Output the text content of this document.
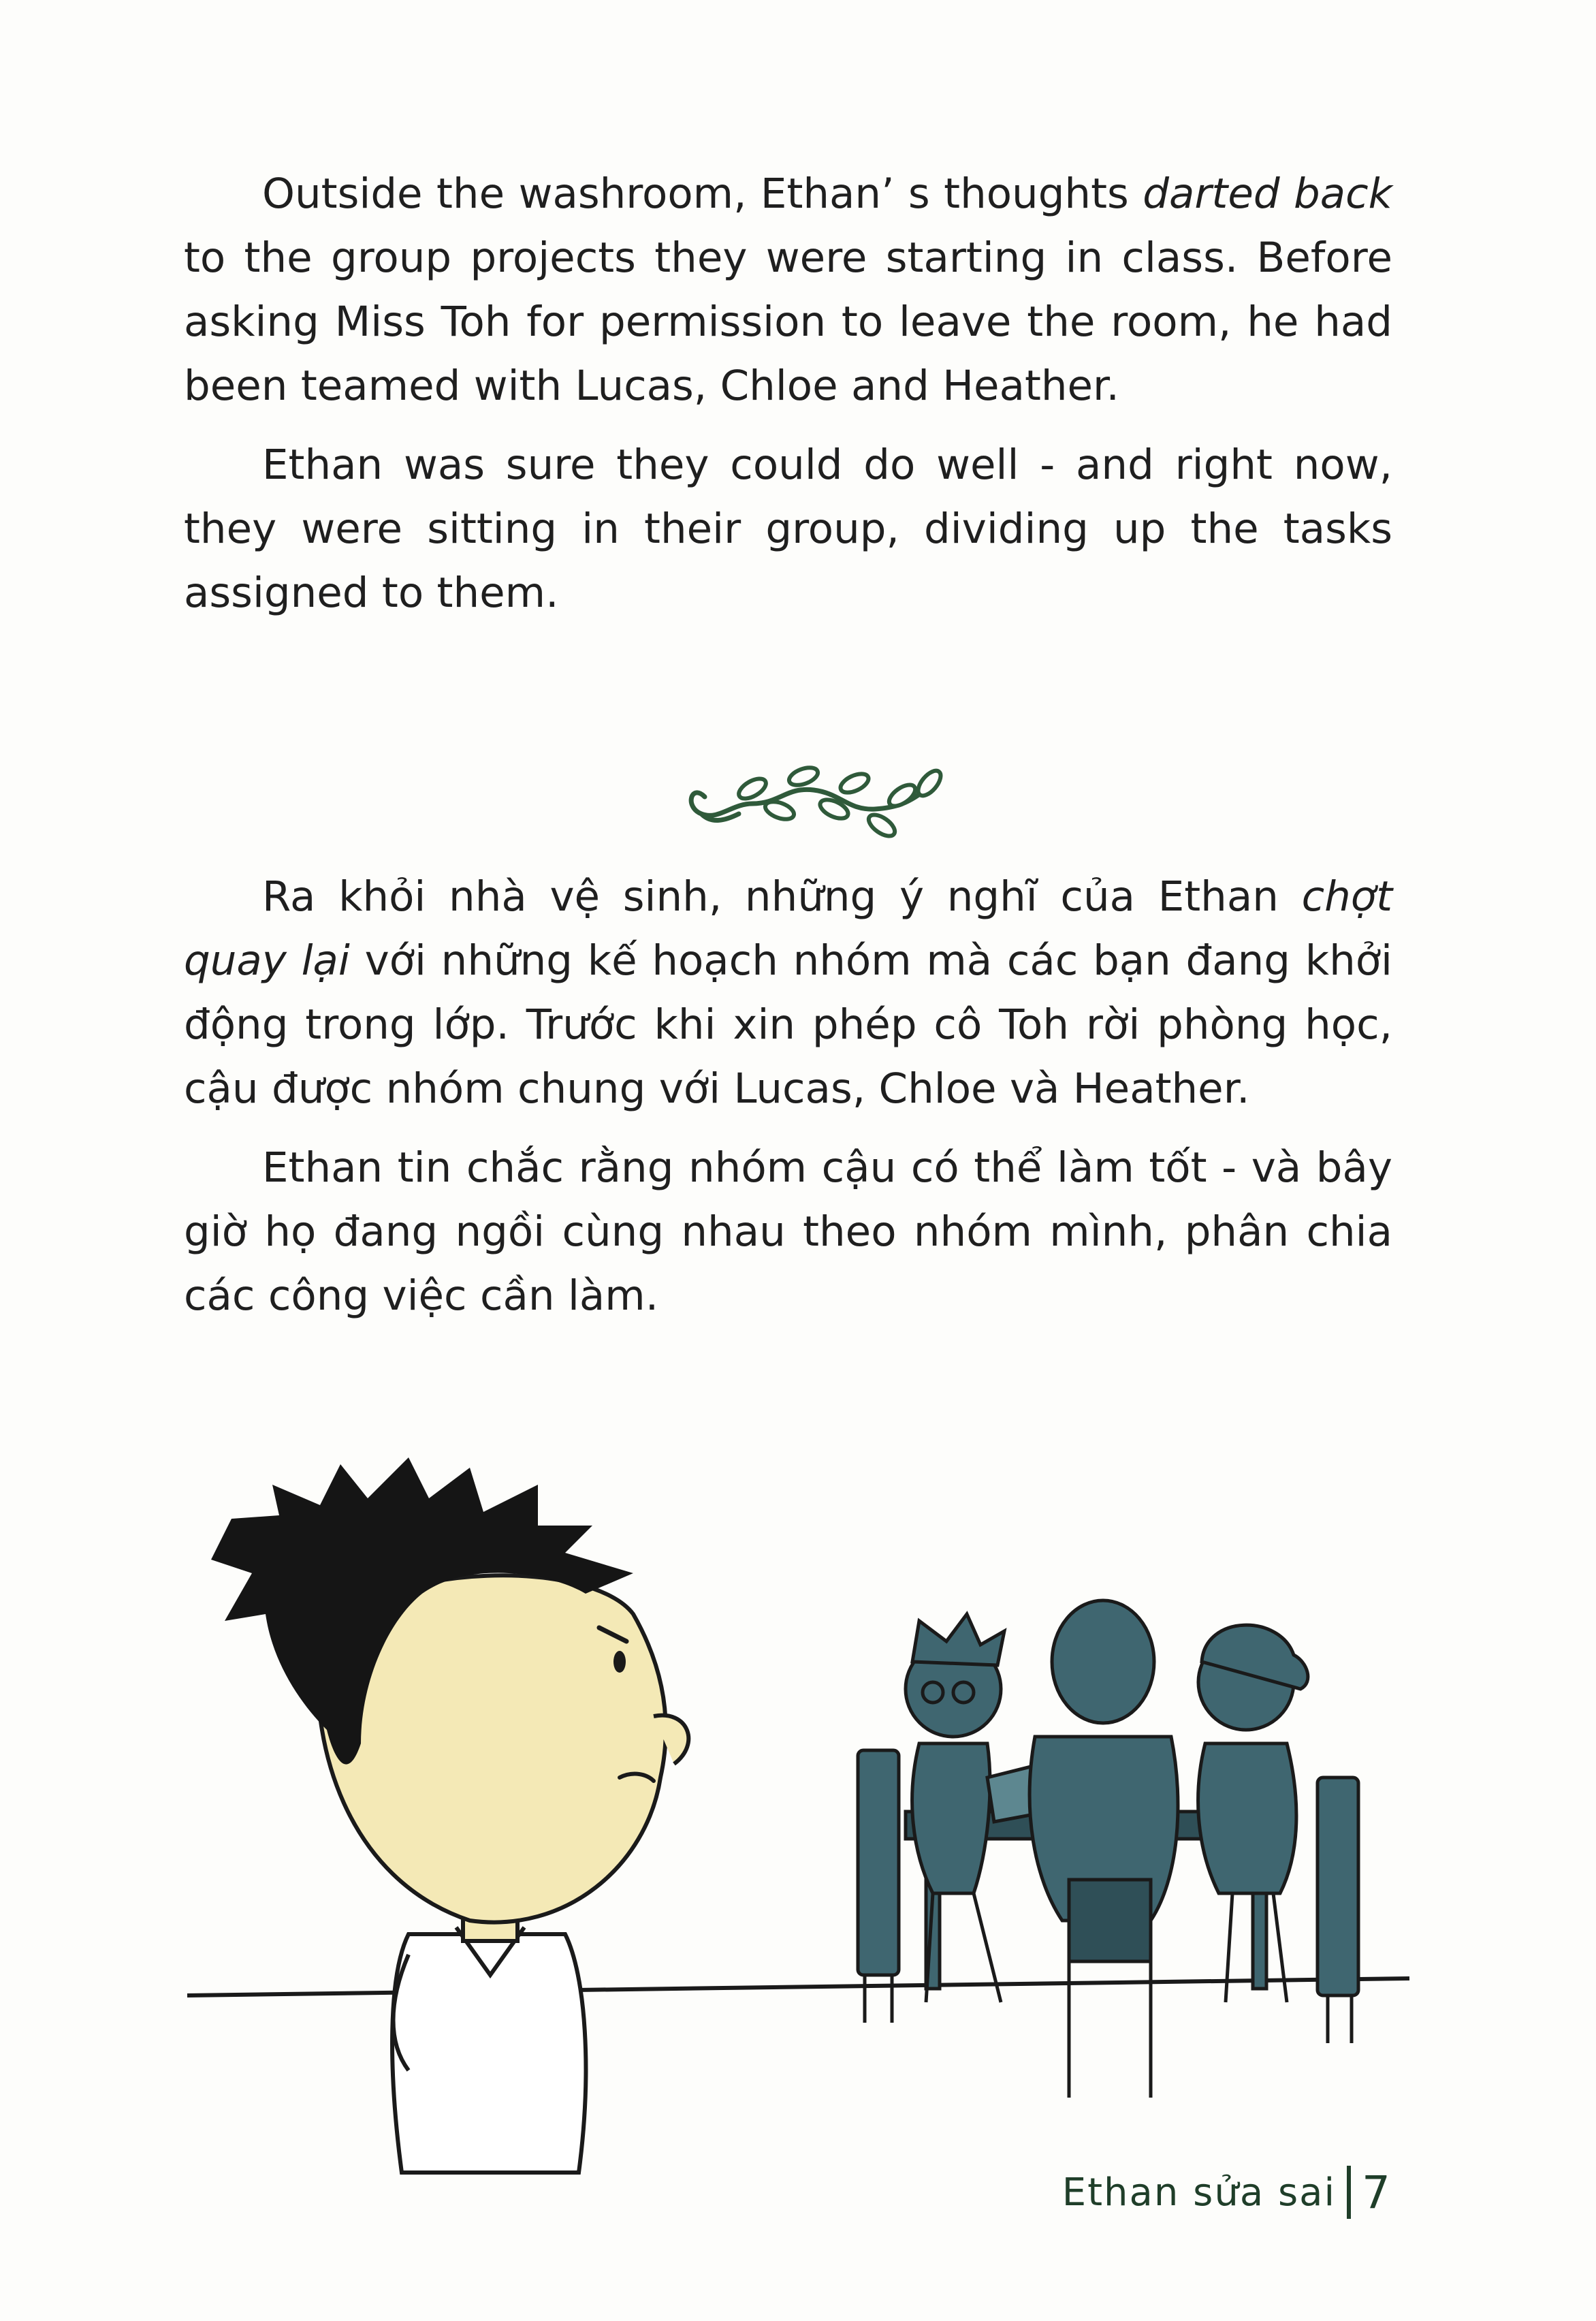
Outside the washroom, Ethan’ s thoughts darted back to the group projects they were starting in class. Before asking Miss Toh for permission to leave the room, he had been teamed with Lucas, Chloe and Heather.

Ethan was sure they could do well - and right now, they were sitting in their group, dividing up the tasks assigned to them.

Ra khỏi nhà vệ sinh, những ý nghĩ của Ethan chợt quay lại với những kế hoạch nhóm mà các bạn đang khởi động trong lớp. Trước khi xin phép cô Toh rời phòng học, cậu được nhóm chung với Lucas, Chloe và Heather.

Ethan tin chắc rằng nhóm cậu có thể làm tốt - và bây giờ họ đang ngồi cùng nhau theo nhóm mình, phân chia các công việc cần làm.

Ethan sửa sai 7
